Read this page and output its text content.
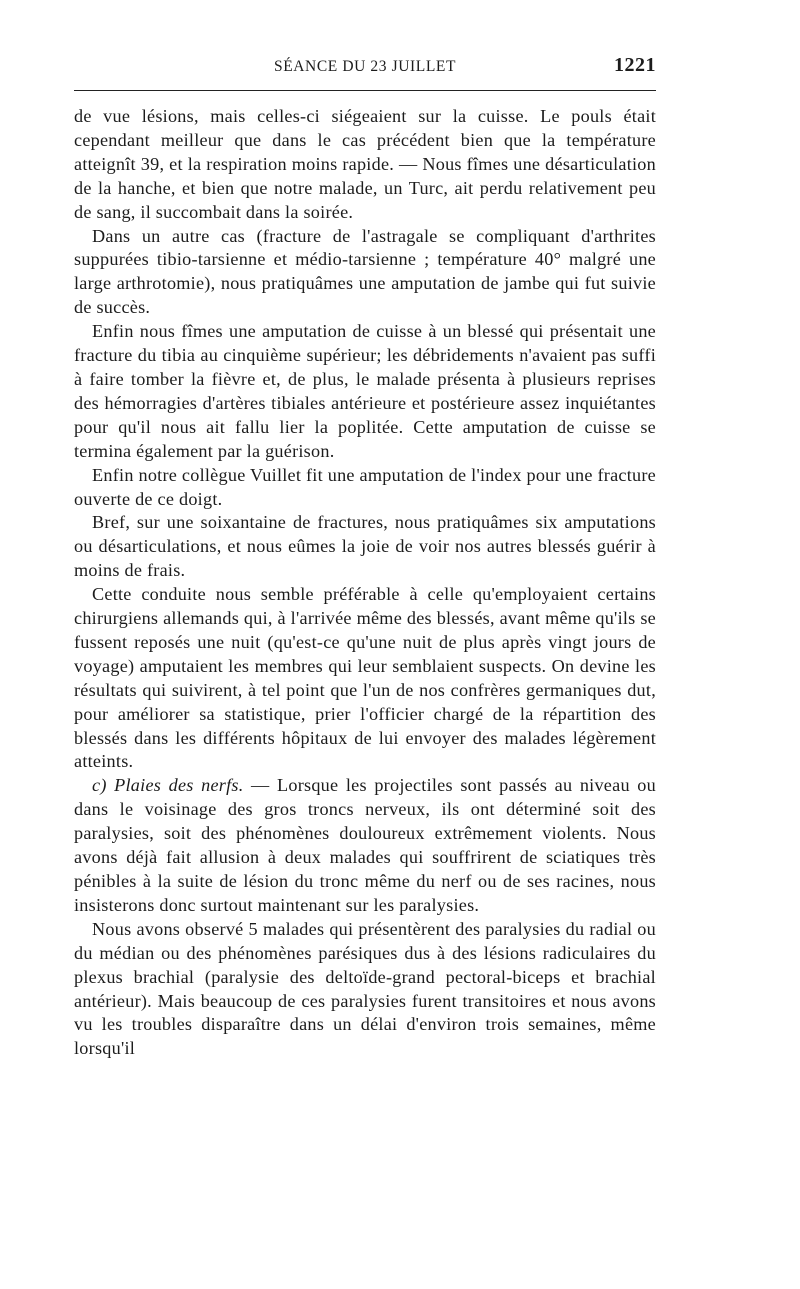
SÉANCE DU 23 JUILLET	1221

de vue lésions, mais celles-ci siégeaient sur la cuisse. Le pouls était cependant meilleur que dans le cas précédent bien que la température atteignît 39, et la respiration moins rapide. — Nous fîmes une désarticulation de la hanche, et bien que notre malade, un Turc, ait perdu relativement peu de sang, il succombait dans la soirée.

Dans un autre cas (fracture de l'astragale se compliquant d'arthrites suppurées tibio-tarsienne et médio-tarsienne ; température 40° malgré une large arthrotomie), nous pratiquâmes une amputation de jambe qui fut suivie de succès.

Enfin nous fîmes une amputation de cuisse à un blessé qui présentait une fracture du tibia au cinquième supérieur; les débridements n'avaient pas suffi à faire tomber la fièvre et, de plus, le malade présenta à plusieurs reprises des hémorragies d'artères tibiales antérieure et postérieure assez inquiétantes pour qu'il nous ait fallu lier la poplitée. Cette amputation de cuisse se termina également par la guérison.

Enfin notre collègue Vuillet fit une amputation de l'index pour une fracture ouverte de ce doigt.

Bref, sur une soixantaine de fractures, nous pratiquâmes six amputations ou désarticulations, et nous eûmes la joie de voir nos autres blessés guérir à moins de frais.

Cette conduite nous semble préférable à celle qu'employaient certains chirurgiens allemands qui, à l'arrivée même des blessés, avant même qu'ils se fussent reposés une nuit (qu'est-ce qu'une nuit de plus après vingt jours de voyage) amputaient les membres qui leur semblaient suspects. On devine les résultats qui suivirent, à tel point que l'un de nos confrères germaniques dut, pour améliorer sa statistique, prier l'officier chargé de la répartition des blessés dans les différents hôpitaux de lui envoyer des malades légèrement atteints.

c) Plaies des nerfs. — Lorsque les projectiles sont passés au niveau ou dans le voisinage des gros troncs nerveux, ils ont déterminé soit des paralysies, soit des phénomènes douloureux extrêmement violents. Nous avons déjà fait allusion à deux malades qui souffrirent de sciatiques très pénibles à la suite de lésion du tronc même du nerf ou de ses racines, nous insisterons donc surtout maintenant sur les paralysies.

Nous avons observé 5 malades qui présentèrent des paralysies du radial ou du médian ou des phénomènes parésiques dus à des lésions radiculaires du plexus brachial (paralysie des deltoïde-grand pectoral-biceps et brachial antérieur). Mais beaucoup de ces paralysies furent transitoires et nous avons vu les troubles disparaître dans un délai d'environ trois semaines, même lorsqu'il
